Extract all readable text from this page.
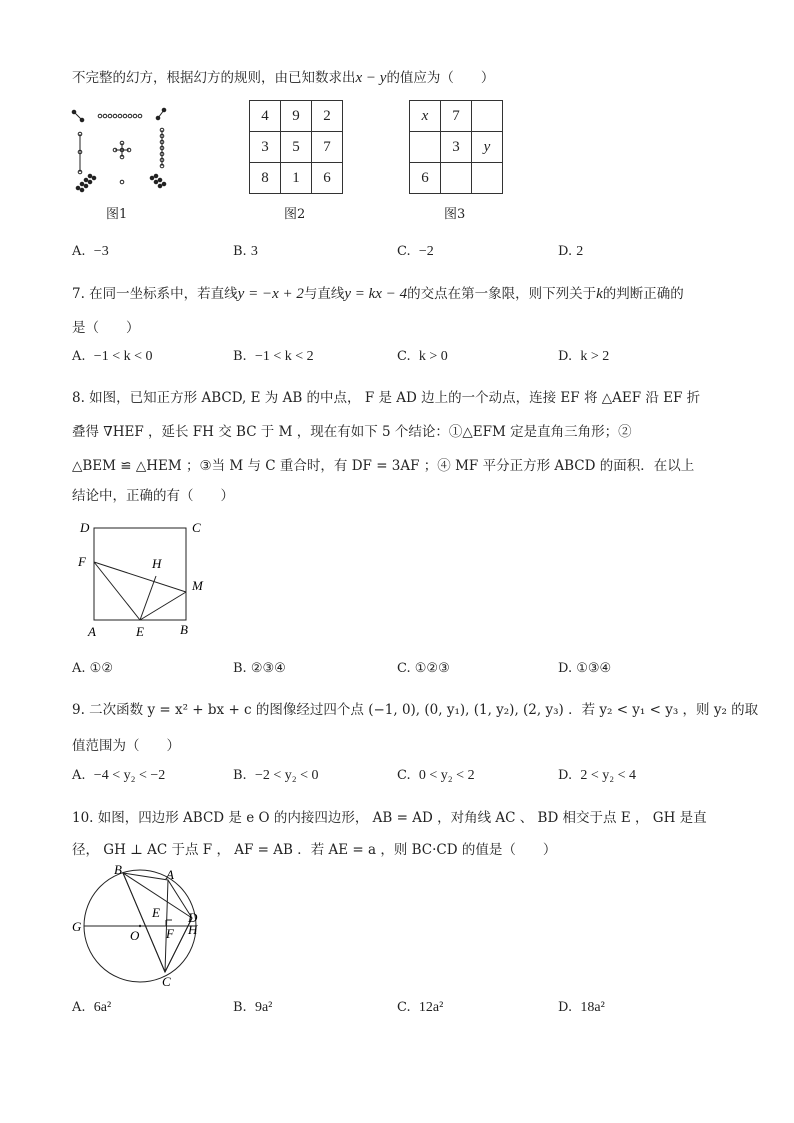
不完整的幻方，根据幻方的规则，由已知数求出x − y的值应为（　　）
图1
4	9	2
3	5	7
8	1	6
图2
x	7	
	3	y
6		
图3
A. −3	B. 3	C. −2	D. 2
7. 在同一坐标系中，若直线y = −x + 2与直线y = kx − 4的交点在第一象限，则下列关于k的判断正确的
是（　　）
A. −1 < k < 0	B. −1 < k < 2	C. k > 0	D. k > 2
8. 如图，已知正方形 ABCD, E 为 AB 的中点， F 是 AD 边上的一个动点，连接 EF 将 △AEF 沿 EF 折
叠得 ∇HEF ，延长 FH 交 BC 于 M ，现在有如下 5 个结论：①△EFM 定是直角三角形；②
△BEM ≌ △HEM ；③当 M 与 C 重合时，有 DF = 3AF ；④ MF 平分正方形 ABCD 的面积．在以上
结论中，正确的有（　　）
D	C
F	H
M
A	E	B
A. ①②	B. ②③④	C. ①②③	D. ①③④
9. 二次函数 y = x² + bx + c 的图像经过四个点 (−1, 0), (0, y₁), (1, y₂), (2, y₃) ．若 y₂ < y₁ < y₃ ，则 y₂ 的取
值范围为（　　）
A. −4 < y₂ < −2	B. −2 < y₂ < 0	C. 0 < y₂ < 2	D. 2 < y₂ < 4
10. 如图，四边形 ABCD 是 e O 的内接四边形， AB = AD ，对角线 AC 、 BD 相交于点 E ， GH 是直
径， GH ⊥ AC 于点 F ， AF = AB ．若 AE = a ，则 BC·CD 的值是（　　）
B	A
E D
H
G
O F
C
A. 6a²	B. 9a²	C. 12a²	D. 18a²
